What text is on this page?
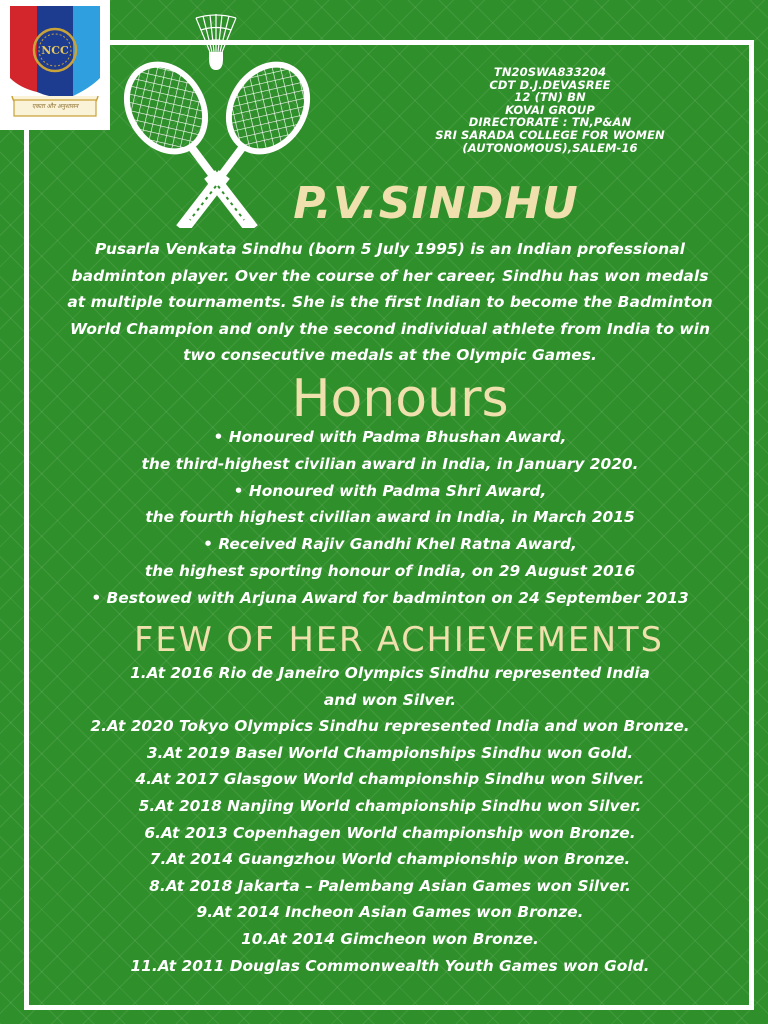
NCC
एकता और अनुशासन
TN20SWA833204
CDT D.J.DEVASREE
12 (TN) BN
KOVAI GROUP
DIRECTORATE : TN,P&AN
SRI SARADA COLLEGE FOR WOMEN
(AUTONOMOUS),SALEM-16
P.V.SINDHU
Pusarla Venkata Sindhu (born 5 July 1995) is an Indian professional badminton player. Over the course of her career, Sindhu has won medals at multiple tournaments. She is the first Indian to become the Badminton World Champion and only the second individual athlete from India to win two consecutive medals at the Olympic Games.
Honours
• Honoured with Padma Bhushan Award,
the third-highest civilian award in India, in January 2020.
• Honoured with Padma Shri Award,
the fourth highest civilian award in India, in March 2015
• Received Rajiv Gandhi Khel Ratna Award,
the highest sporting honour of India, on 29 August 2016
• Bestowed with Arjuna Award for badminton on 24 September 2013
FEW OF HER ACHIEVEMENTS
1.At 2016 Rio de Janeiro Olympics Sindhu represented India
and won Silver.
2.At 2020 Tokyo Olympics Sindhu represented India and won Bronze.
3.At 2019 Basel World Championships Sindhu won Gold.
4.At 2017 Glasgow World championship Sindhu won Silver.
5.At 2018 Nanjing World championship Sindhu won Silver.
6.At 2013 Copenhagen World championship won Bronze.
7.At 2014 Guangzhou World championship won Bronze.
8.At 2018 Jakarta – Palembang Asian Games won Silver.
9.At 2014 Incheon Asian Games won Bronze.
10.At 2014 Gimcheon won Bronze.
11.At 2011 Douglas Commonwealth Youth Games won Gold.
